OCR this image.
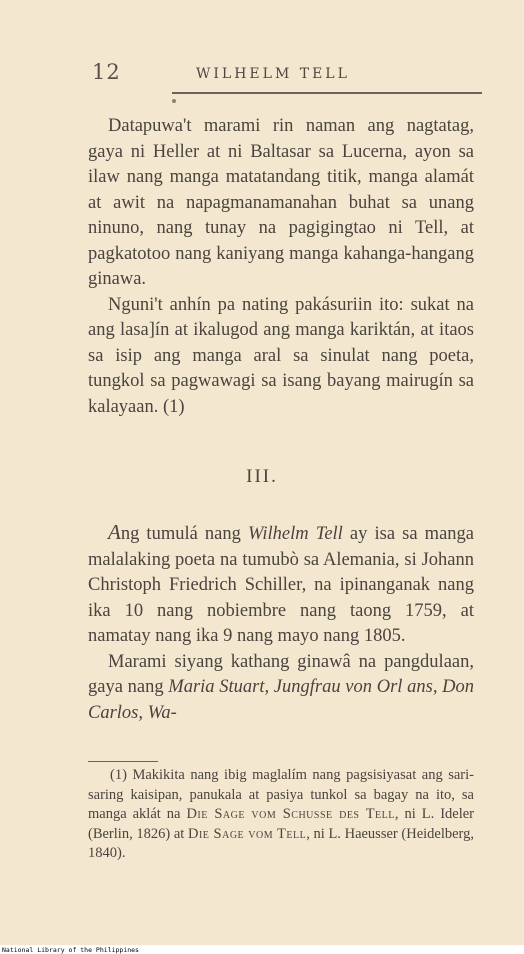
12	WILHELM TELL

Datapuwa't marami rin naman ang nagtatag, gaya ni Heller at ni Baltasar sa Lucerna, ayon sa ilaw nang manga matatandang titik, manga alamát at awit na napagmanamanahan buhat sa unang ninuno, nang tunay na pagigingtao ni Tell, at pagkatotoo nang kaniyang manga kahanga-hangang ginawa.

Nguni't anhín pa nating pakásuriin ito: sukat na ang lasa]ín at ikalugod ang manga kariktán, at itaos sa isip ang manga aral sa sinulat nang poeta, tungkol sa pagwawagi sa isang bayang mairugín sa kalayaan. (1)

III.

Ang tumulá nang Wilhelm Tell ay isa sa manga malalaking poeta na tumubò sa Alemania, si Johann Christoph Friedrich Schiller, na ipinanganak nang ika 10 nang nobiembre nang taong 1759, at namatay nang ika 9 nang mayo nang 1805.

Marami siyang kathang ginawâ na pangdulaan, gaya nang Maria Stuart, Jungfrau von Orl ans, Don Carlos, Wa-

(1) Makikita nang ibig maglalím nang pagsisiyasat ang sari-saring kaisipan, panukala at pasiya tunkol sa bagay na ito, sa manga aklát na Die Sage vom Schusse des Tell, ni L. Ideler (Berlin, 1826) at Die Sage vom Tell, ni L. Haeusser (Heidelberg, 1840).

National Library of the Philippines
